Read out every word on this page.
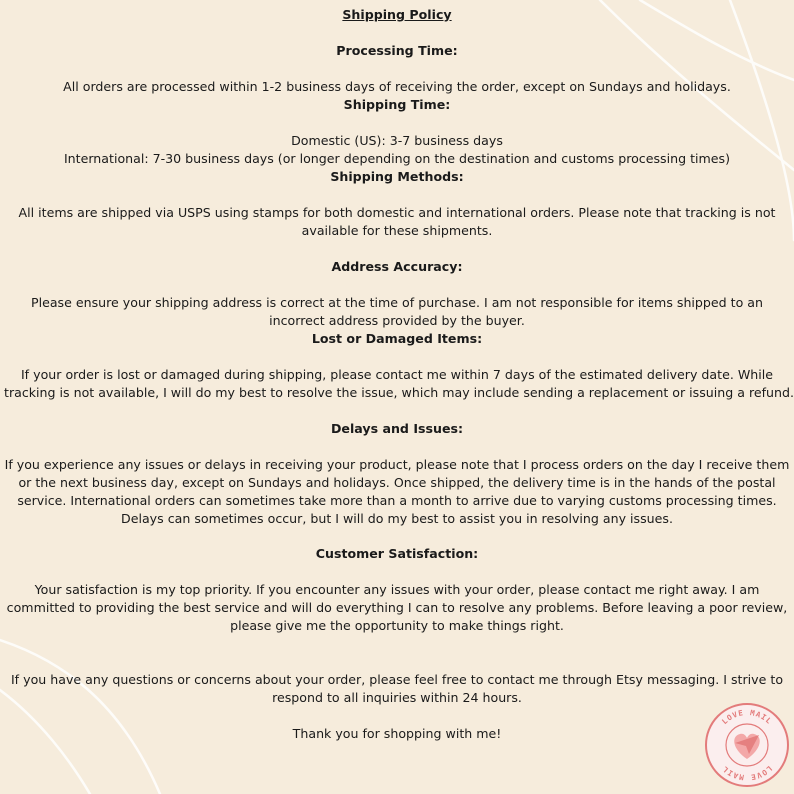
Shipping Policy

Processing Time:

All orders are processed within 1-2 business days of receiving the order, except on Sundays and holidays.

Shipping Time:

Domestic (US): 3-7 business days

International: 7-30 business days (or longer depending on the destination and customs processing times)

Shipping Methods:

All items are shipped via USPS using stamps for both domestic and international orders. Please note that tracking is not

available for these shipments.

Address Accuracy:

Please ensure your shipping address is correct at the time of purchase. I am not responsible for items shipped to an

incorrect address provided by the buyer.

Lost or Damaged Items:

If your order is lost or damaged during shipping, please contact me within 7 days of the estimated delivery date. While

tracking is not available, I will do my best to resolve the issue, which may include sending a replacement or issuing a refund.

Delays and Issues:

If you experience any issues or delays in receiving your product, please note that I process orders on the day I receive them

or the next business day, except on Sundays and holidays. Once shipped, the delivery time is in the hands of the postal

service. International orders can sometimes take more than a month to arrive due to varying customs processing times.

Delays can sometimes occur, but I will do my best to assist you in resolving any issues.

Customer Satisfaction:

Your satisfaction is my top priority. If you encounter any issues with your order, please contact me right away. I am

committed to providing the best service and will do everything I can to resolve any problems. Before leaving a poor review,

please give me the opportunity to make things right.

If you have any questions or concerns about your order, please feel free to contact me through Etsy messaging. I strive to

respond to all inquiries within 24 hours.

Thank you for shopping with me!

LOVE MAIL
LOVE MAIL
